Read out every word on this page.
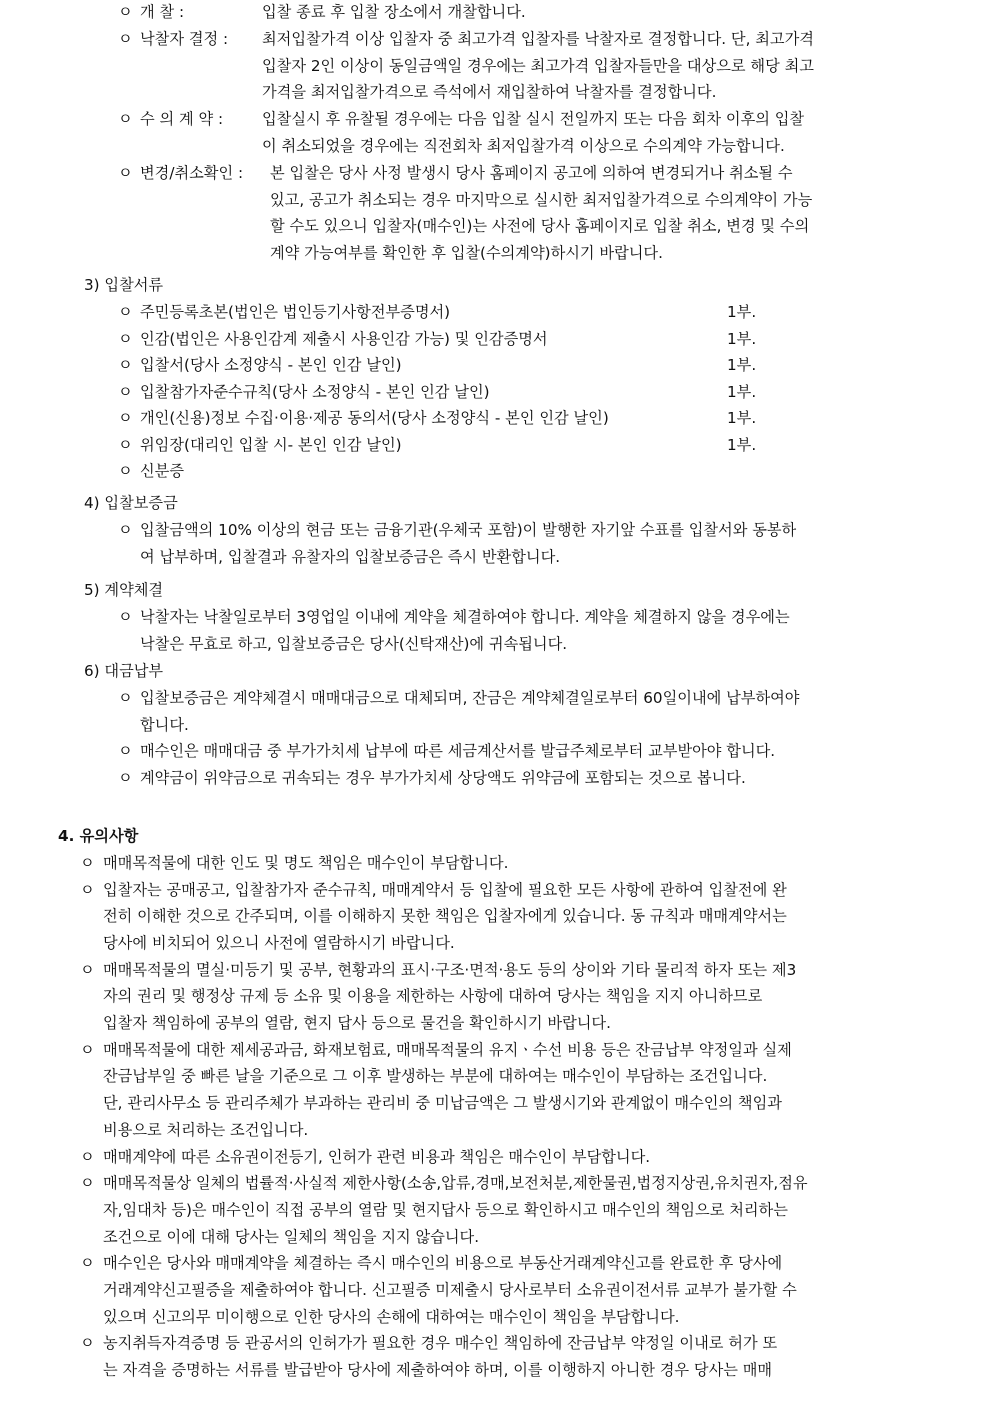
ㅇ 개 찰 :	입찰 종료 후 입찰 장소에서 개찰합니다.
ㅇ 낙찰자 결정 : 최저입찰가격 이상 입찰자 중 최고가격 입찰자를 낙찰자로 결정합니다. 단, 최고가격
입찰자 2인 이상이 동일금액일 경우에는 최고가격 입찰자들만을 대상으로 해당 최고
가격을 최저입찰가격으로 즉석에서 재입찰하여 낙찰자를 결정합니다.
ㅇ 수 의 계 약 :	입찰실시 후 유찰될 경우에는 다음 입찰 실시 전일까지 또는 다음 회차 이후의 입찰
이 취소되었을 경우에는 직전회차 최저입찰가격 이상으로 수의계약 가능합니다.
ㅇ 변경/취소확인 : 본 입찰은 당사 사정 발생시 당사 홈페이지 공고에 의하여 변경되거나 취소될 수
있고, 공고가 취소되는 경우 마지막으로 실시한 최저입찰가격으로 수의계약이 가능
할 수도 있으니 입찰자(매수인)는 사전에 당사 홈페이지로 입찰 취소, 변경 및 수의
계약 가능여부를 확인한 후 입찰(수의계약)하시기 바랍니다.
3) 입찰서류
ㅇ 주민등록초본(법인은 법인등기사항전부증명서)	1부.
ㅇ 인감(법인은 사용인감계 제출시 사용인감 가능) 및 인감증명서	1부.
ㅇ 입찰서(당사 소정양식 - 본인 인감 날인)	1부.
ㅇ 입찰참가자준수규칙(당사 소정양식 - 본인 인감 날인)	1부.
ㅇ 개인(신용)정보 수집·이용·제공 동의서(당사 소정양식 - 본인 인감 날인)	1부.
ㅇ 위임장(대리인 입찰 시- 본인 인감 날인)	1부.
ㅇ 신분증
4) 입찰보증금
ㅇ 입찰금액의 10% 이상의 현금 또는 금융기관(우체국 포함)이 발행한 자기앞 수표를 입찰서와 동봉하
여 납부하며, 입찰결과 유찰자의 입찰보증금은 즉시 반환합니다.
5) 계약체결
ㅇ 낙찰자는 낙찰일로부터 3영업일 이내에 계약을 체결하여야 합니다. 계약을 체결하지 않을 경우에는
낙찰은 무효로 하고, 입찰보증금은 당사(신탁재산)에 귀속됩니다.
6) 대금납부
ㅇ 입찰보증금은 계약체결시 매매대금으로 대체되며, 잔금은 계약체결일로부터 60일이내에 납부하여야
합니다.
ㅇ 매수인은 매매대금 중 부가가치세 납부에 따른 세금계산서를 발급주체로부터 교부받아야 합니다.
ㅇ 계약금이 위약금으로 귀속되는 경우 부가가치세 상당액도 위약금에 포함되는 것으로 봅니다.
4. 유의사항
ㅇ 매매목적물에 대한 인도 및 명도 책임은 매수인이 부담합니다.
ㅇ 입찰자는 공매공고, 입찰참가자 준수규칙, 매매계약서 등 입찰에 필요한 모든 사항에 관하여 입찰전에 완
전히 이해한 것으로 간주되며, 이를 이해하지 못한 책임은 입찰자에게 있습니다. 동 규칙과 매매계약서는
당사에 비치되어 있으니 사전에 열람하시기 바랍니다.
ㅇ 매매목적물의 멸실·미등기 및 공부, 현황과의 표시·구조·면적·용도 등의 상이와 기타 물리적 하자 또는 제3
자의 권리 및 행정상 규제 등 소유 및 이용을 제한하는 사항에 대하여 당사는 책임을 지지 아니하므로
입찰자 책임하에 공부의 열람, 현지 답사 등으로 물건을 확인하시기 바랍니다.
ㅇ 매매목적물에 대한 제세공과금, 화재보험료, 매매목적물의 유지ㆍ수선 비용 등은 잔금납부 약정일과 실제
잔금납부일 중 빠른 날을 기준으로 그 이후 발생하는 부분에 대하여는 매수인이 부담하는 조건입니다.
단, 관리사무소 등 관리주체가 부과하는 관리비 중 미납금액은 그 발생시기와 관계없이 매수인의 책임과
비용으로 처리하는 조건입니다.
ㅇ 매매계약에 따른 소유권이전등기, 인허가 관련 비용과 책임은 매수인이 부담합니다.
ㅇ 매매목적물상 일체의 법률적·사실적 제한사항(소송,압류,경매,보전처분,제한물권,법정지상권,유치권자,점유
자,임대차 등)은 매수인이 직접 공부의 열람 및 현지답사 등으로 확인하시고 매수인의 책임으로 처리하는
조건으로 이에 대해 당사는 일체의 책임을 지지 않습니다.
ㅇ 매수인은 당사와 매매계약을 체결하는 즉시 매수인의 비용으로 부동산거래계약신고를 완료한 후 당사에
거래계약신고필증을 제출하여야 합니다. 신고필증 미제출시 당사로부터 소유권이전서류 교부가 불가할 수
있으며 신고의무 미이행으로 인한 당사의 손해에 대하여는 매수인이 책임을 부담합니다.
ㅇ 농지취득자격증명 등 관공서의 인허가가 필요한 경우 매수인 책임하에 잔금납부 약정일 이내로 허가 또
는 자격을 증명하는 서류를 발급받아 당사에 제출하여야 하며, 이를 이행하지 아니한 경우 당사는 매매
